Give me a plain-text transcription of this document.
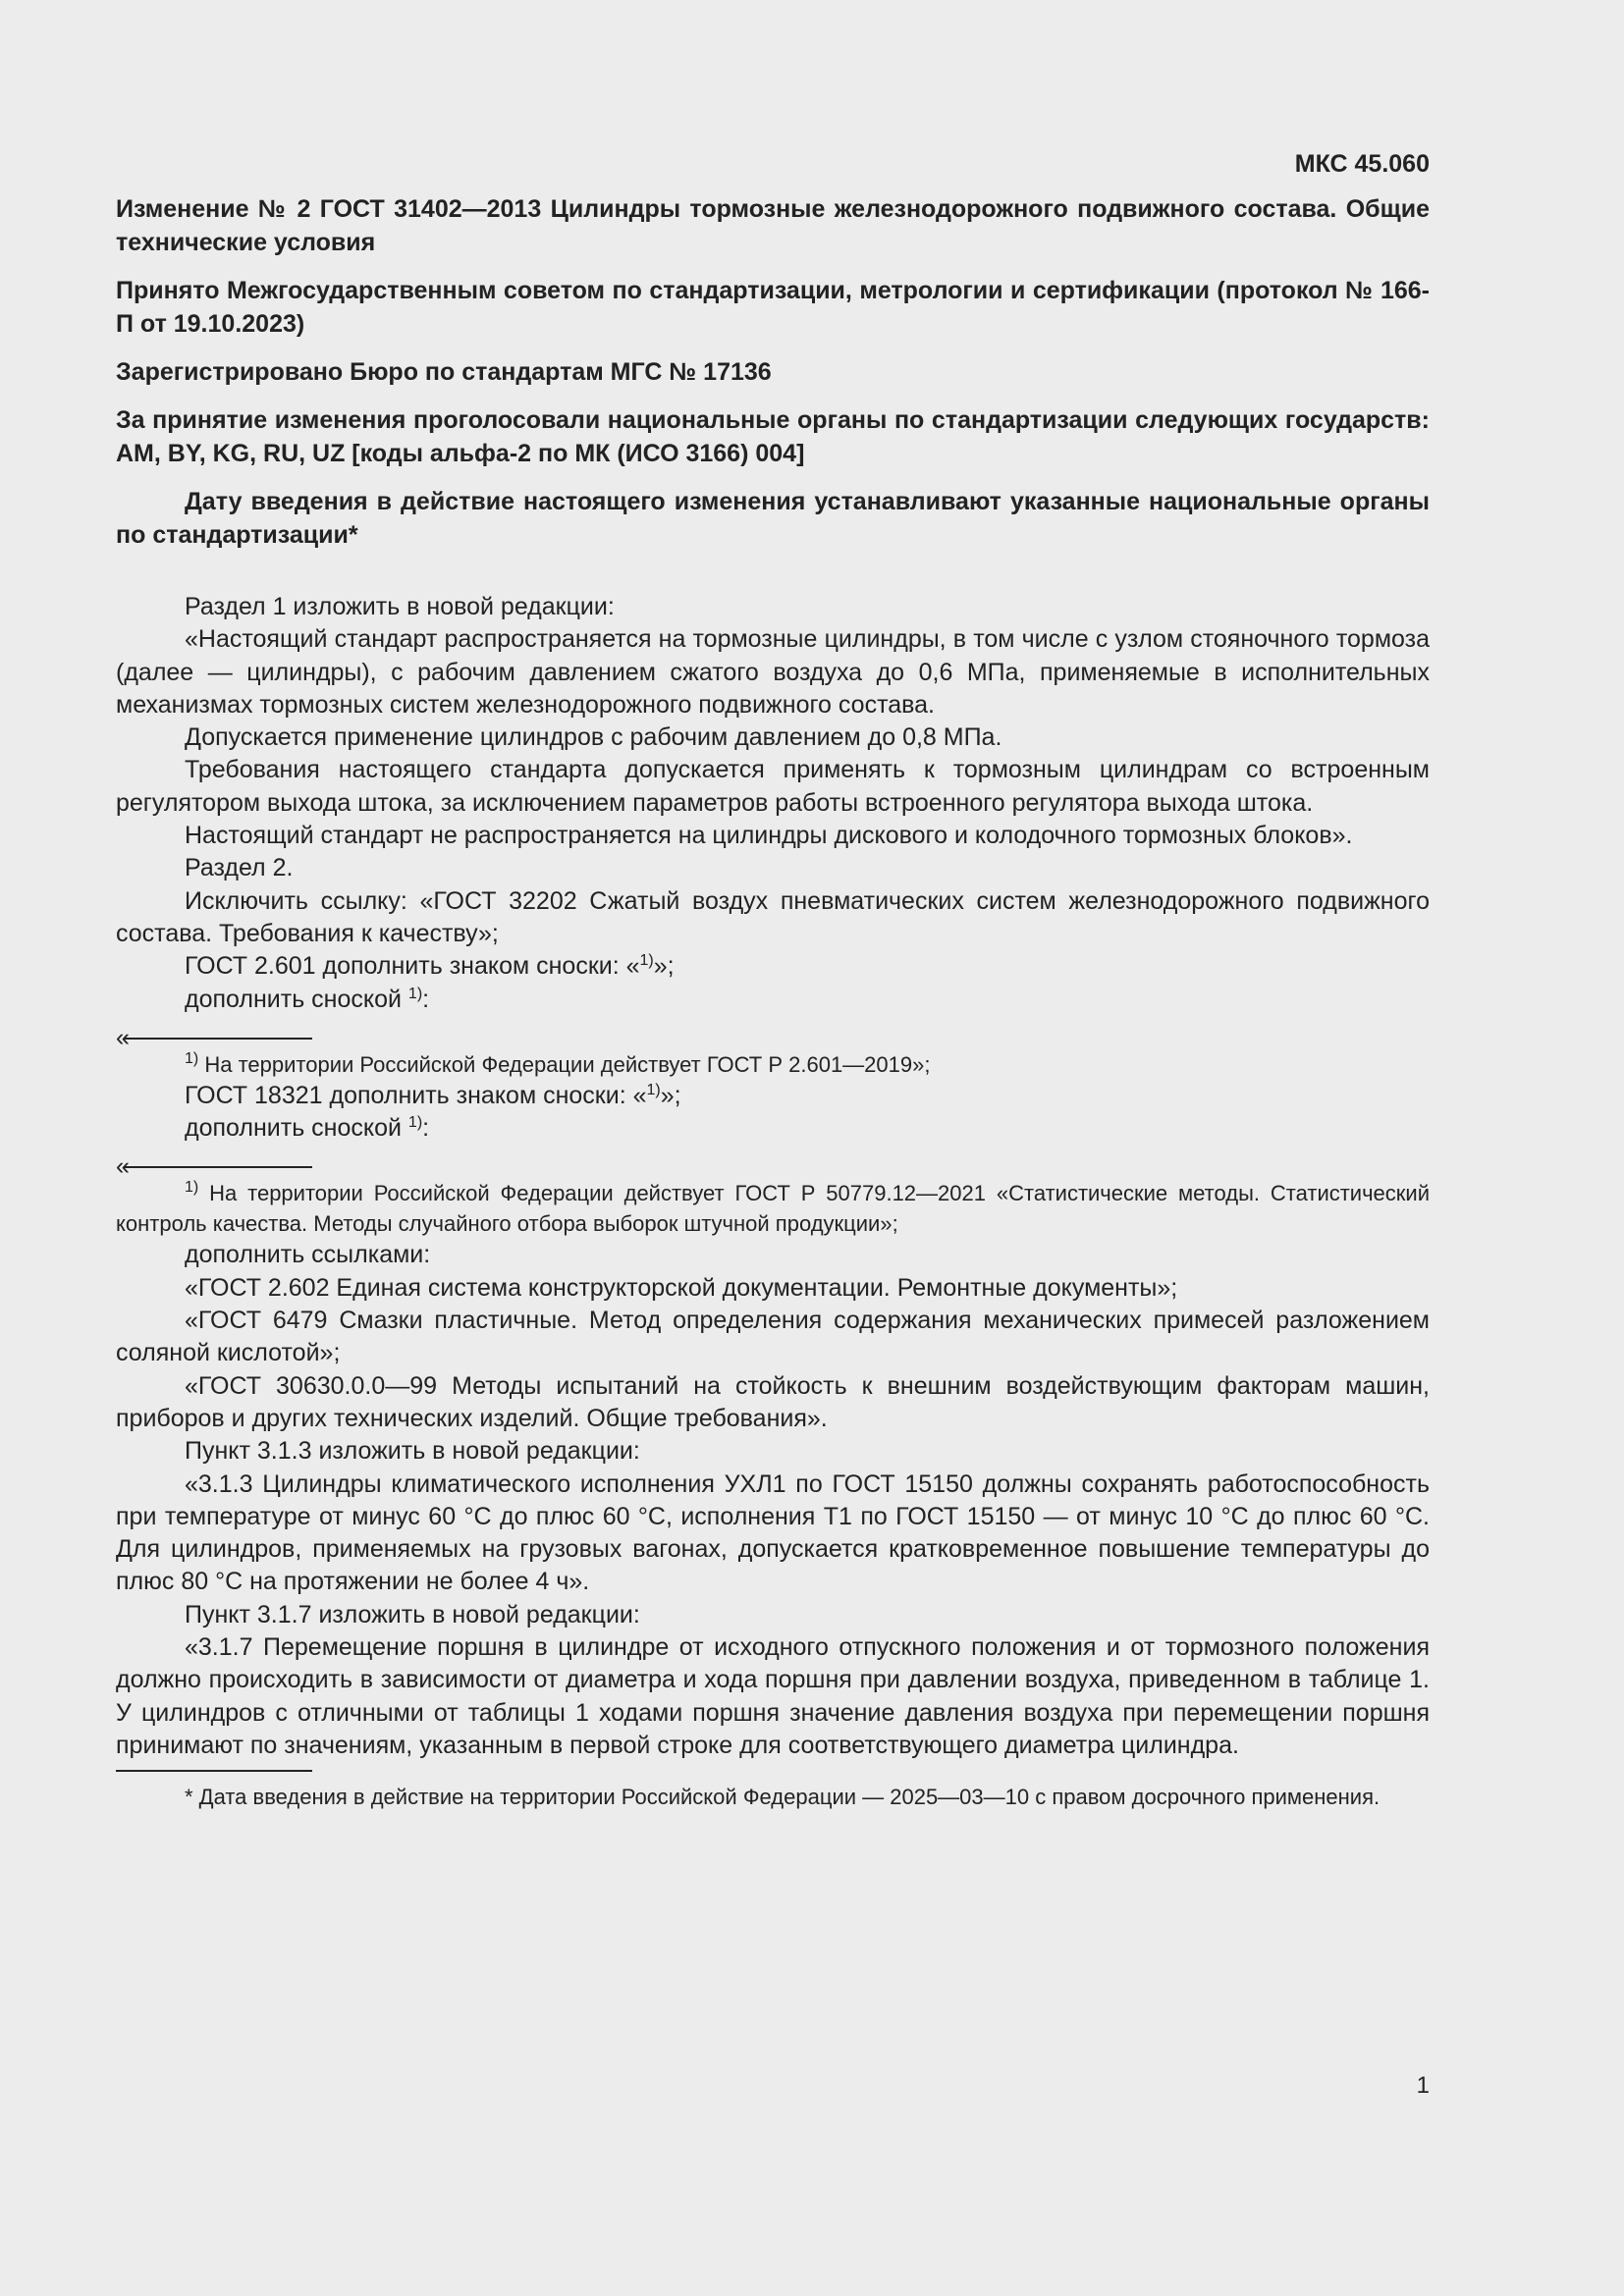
МКС 45.060

Изменение № 2 ГОСТ 31402—2013 Цилиндры тормозные железнодорожного подвижного состава. Общие технические условия

Принято Межгосударственным советом по стандартизации, метрологии и сертификации (протокол № 166-П от 19.10.2023)

Зарегистрировано Бюро по стандартам МГС № 17136

За принятие изменения проголосовали национальные органы по стандартизации следующих государств: AM, BY, KG, RU, UZ [коды альфа-2 по МК (ИСО 3166) 004]

Дату введения в действие настоящего изменения устанавливают указанные национальные органы по стандартизации*

Раздел 1 изложить в новой редакции:

«Настоящий стандарт распространяется на тормозные цилиндры, в том числе с узлом стояночного тормоза (далее — цилиндры), с рабочим давлением сжатого воздуха до 0,6 МПа, применяемые в исполнительных механизмах тормозных систем железнодорожного подвижного состава.

Допускается применение цилиндров с рабочим давлением до 0,8 МПа.

Требования настоящего стандарта допускается применять к тормозным цилиндрам со встроенным регулятором выхода штока, за исключением параметров работы встроенного регулятора выхода штока.

Настоящий стандарт не распространяется на цилиндры дискового и колодочного тормозных блоков».

Раздел 2.

Исключить ссылку: «ГОСТ 32202 Сжатый воздух пневматических систем железнодорожного подвижного состава. Требования к качеству»;

ГОСТ 2.601 дополнить знаком сноски: «$^{1)}$»;

дополнить сноской $^{1)}$:

«

$^{1)}$ На территории Российской Федерации действует ГОСТ Р 2.601—2019»;

ГОСТ 18321 дополнить знаком сноски: «$^{1)}$»;

дополнить сноской $^{1)}$:

«

$^{1)}$ На территории Российской Федерации действует ГОСТ Р 50779.12—2021 «Статистические методы. Статистический контроль качества. Методы случайного отбора выборок штучной продукции»;

дополнить ссылками:

«ГОСТ 2.602 Единая система конструкторской документации. Ремонтные документы»;

«ГОСТ 6479 Смазки пластичные. Метод определения содержания механических примесей разложением соляной кислотой»;

«ГОСТ 30630.0.0—99 Методы испытаний на стойкость к внешним воздействующим факторам машин, приборов и других технических изделий. Общие требования».

Пункт 3.1.3 изложить в новой редакции:

«3.1.3 Цилиндры климатического исполнения УХЛ1 по ГОСТ 15150 должны сохранять работоспособность при температуре от минус 60 °С до плюс 60 °С, исполнения Т1 по ГОСТ 15150 — от минус 10 °С до плюс 60 °С. Для цилиндров, применяемых на грузовых вагонах, допускается кратковременное повышение температуры до плюс 80 °С на протяжении не более 4 ч».

Пункт 3.1.7 изложить в новой редакции:

«3.1.7 Перемещение поршня в цилиндре от исходного отпускного положения и от тормозного положения должно происходить в зависимости от диаметра и хода поршня при давлении воздуха, приведенном в таблице 1. У цилиндров с отличными от таблицы 1 ходами поршня значение давления воздуха при перемещении поршня принимают по значениям, указанным в первой строке для соответствующего диаметра цилиндра.

* Дата введения в действие на территории Российской Федерации — 2025—03—10 с правом досрочного применения.

1
